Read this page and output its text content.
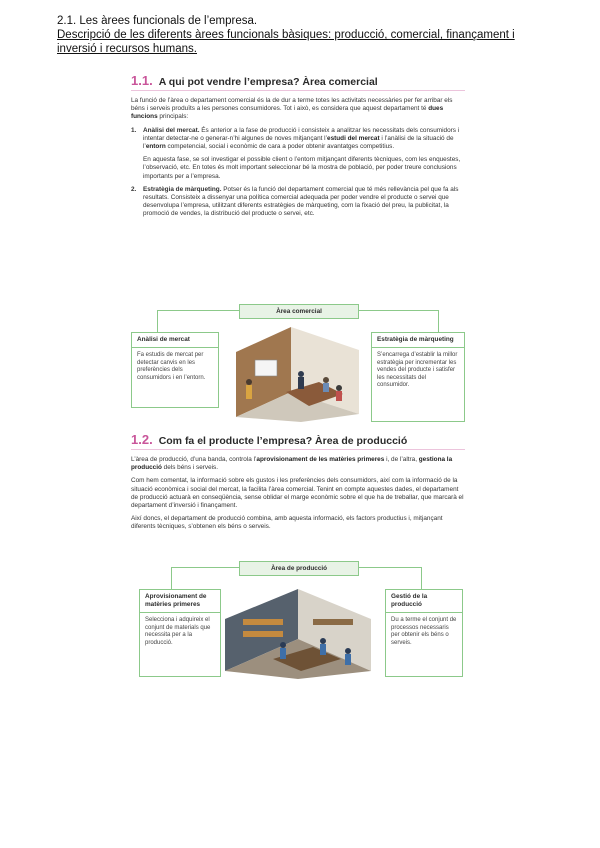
2.1. Les àrees funcionals de l’empresa.
Descripció de les diferents àrees funcionals bàsiques: producció, comercial, finançament i inversió i recursos humans.
1.1. A qui pot vendre l’empresa? Àrea comercial

La funció de l’àrea o departament comercial és la de dur a terme totes les activitats necessàries per fer arribar els béns i serveis produïts a les persones consumidores. Tot i això, es considera que aquest departament té dues funcions principals:

1.	Anàlisi del mercat. És anterior a la fase de producció i consisteix a analitzar les necessitats dels consumidors i intentar detectar-ne o generar-n’hi algunes de noves mitjançant l’estudi del mercat i l’anàlisi de la situació de l’entorn competencial, social i econòmic de cara a poder obtenir avantatges competitius.
En aquesta fase, se sol investigar el possible client o l’entorn mitjançant diferents tècniques, com les enquestes, l’observació, etc. En totes és molt important seleccionar bé la mostra de població, per poder treure conclusions importants per a l’empresa.
2.	Estratègia de màrqueting. Potser és la funció del departament comercial que té més rellevància pel que fa als resultats. Consisteix a dissenyar una política comercial adequada per poder vendre el producte o servei que desenvolupa l’empresa, utilitzant diferents estratègies de màrqueting, com la fixació del preu, la publicitat, la promoció de vendes, la distribució del producte o servei, etc.
Àrea comercial
Anàlisi de mercat
Fa estudis de mercat per detectar canvis en les preferències dels consumidors i en l’entorn.
Estratègia de màrqueting
S’encarrega d’establir la millor estratègia per incrementar les vendes del producte i satisfer les necessitats del consumidor.
1.2. Com fa el producte l’empresa? Àrea de producció

L’àrea de producció, d’una banda, controla l’aprovisionament de les matèries primeres i, de l’altra, gestiona la producció dels béns i serveis.

Com hem comentat, la informació sobre els gustos i les preferències dels consumidors, així com la informació de la situació econòmica i social del mercat, la facilita l’àrea comercial. Tenint en compte aquestes dades, el departament de producció actuarà en conseqüència, sense oblidar el marge econòmic sobre el que ha de treballar, que marcarà el departament d’inversió i finançament.

Així doncs, el departament de producció combina, amb aquesta informació, els factors productius i, mitjançant diferents tècniques, s’obtenen els béns o serveis.

Àrea de producció
Aprovisionament de matèries primeres
Selecciona i adquireix el conjunt de materials que necessita per a la producció.
Gestió de la producció
Du a terme el conjunt de processos necessaris per obtenir els béns o serveis.
